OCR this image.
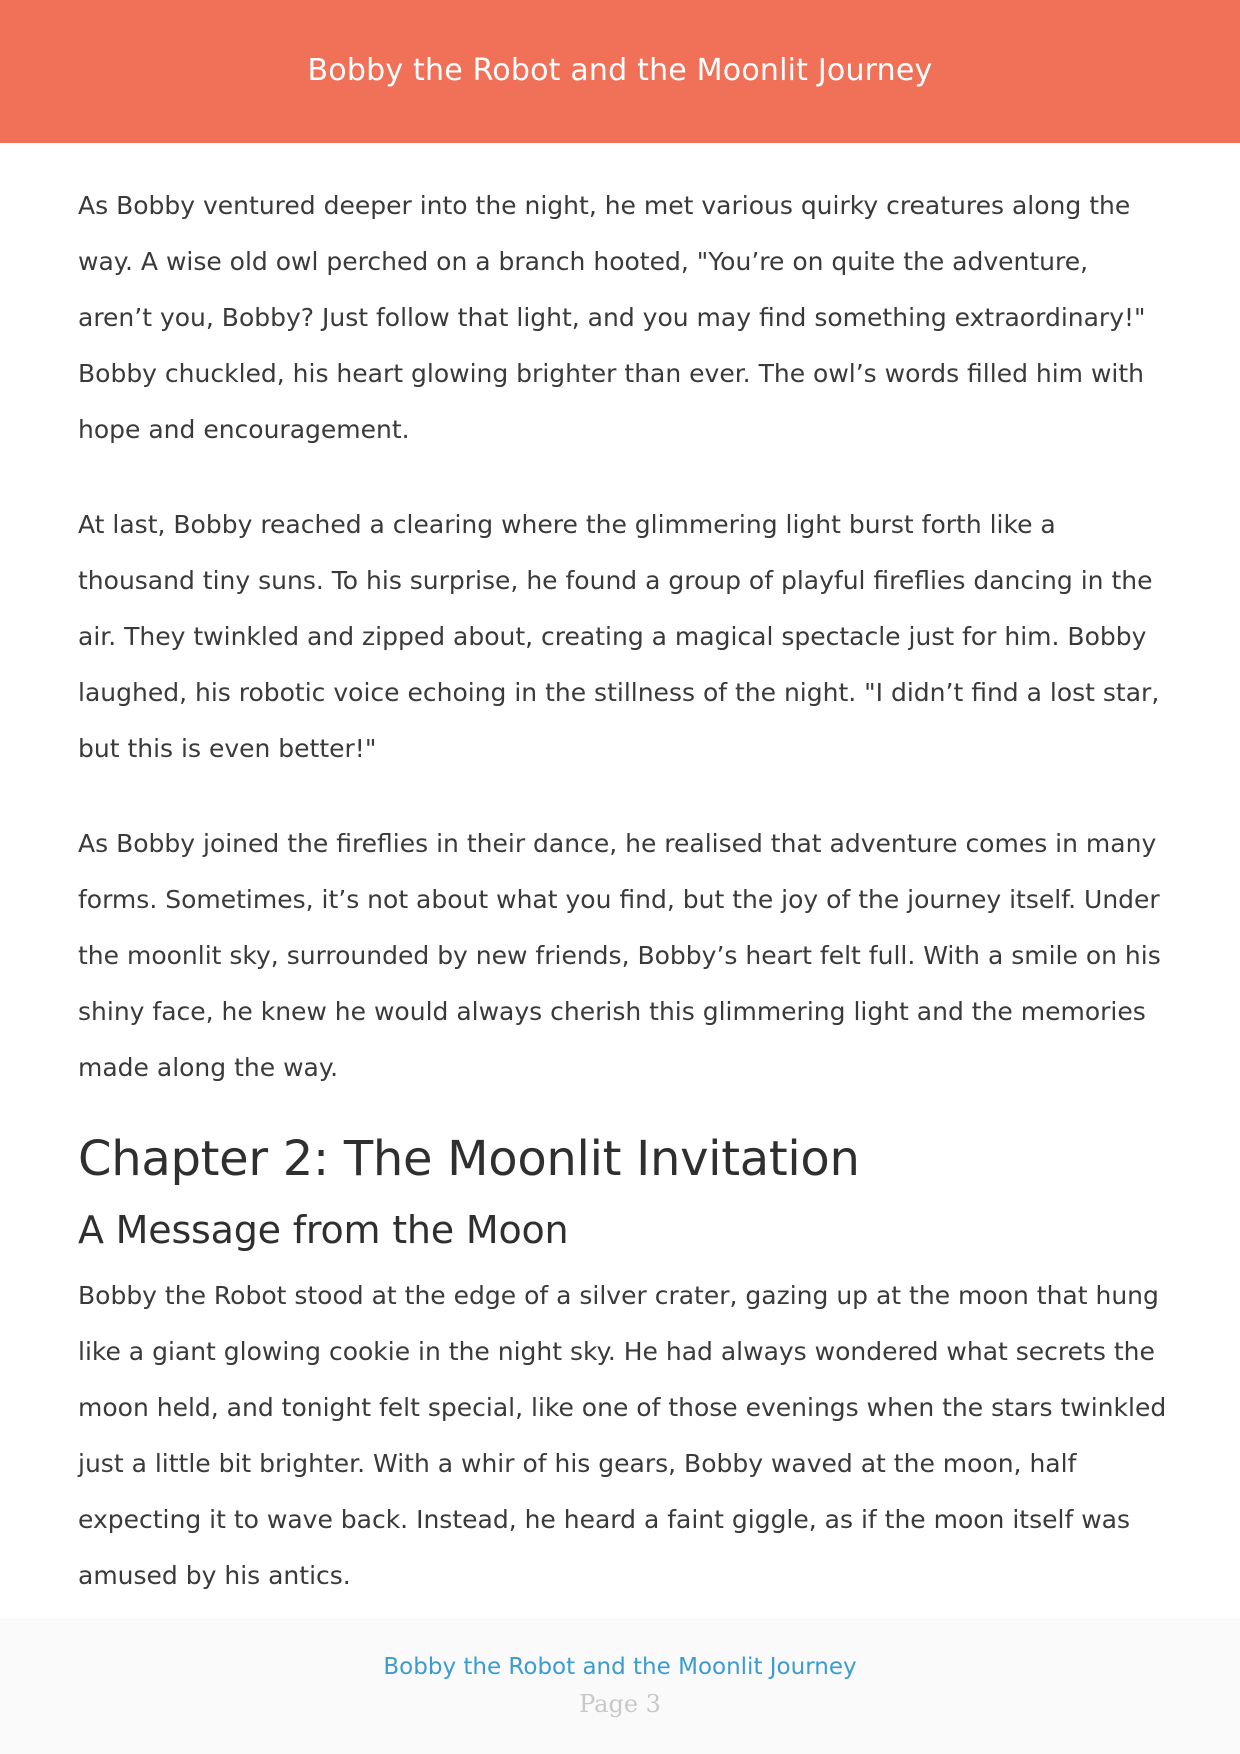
Bobby the Robot and the Moonlit Journey

As Bobby ventured deeper into the night, he met various quirky creatures along the way. A wise old owl perched on a branch hooted, "You’re on quite the adventure, aren’t you, Bobby? Just follow that light, and you may find something extraordinary!" Bobby chuckled, his heart glowing brighter than ever. The owl’s words filled him with hope and encouragement.

At last, Bobby reached a clearing where the glimmering light burst forth like a thousand tiny suns. To his surprise, he found a group of playful fireflies dancing in the air. They twinkled and zipped about, creating a magical spectacle just for him. Bobby laughed, his robotic voice echoing in the stillness of the night. "I didn’t find a lost star, but this is even better!"

As Bobby joined the fireflies in their dance, he realised that adventure comes in many forms. Sometimes, it’s not about what you find, but the joy of the journey itself. Under the moonlit sky, surrounded by new friends, Bobby’s heart felt full. With a smile on his shiny face, he knew he would always cherish this glimmering light and the memories made along the way.

Chapter 2: The Moonlit Invitation
A Message from the Moon

Bobby the Robot stood at the edge of a silver crater, gazing up at the moon that hung like a giant glowing cookie in the night sky. He had always wondered what secrets the moon held, and tonight felt special, like one of those evenings when the stars twinkled just a little bit brighter. With a whir of his gears, Bobby waved at the moon, half expecting it to wave back. Instead, he heard a faint giggle, as if the moon itself was amused by his antics.

Bobby the Robot and the Moonlit Journey
Page 3
